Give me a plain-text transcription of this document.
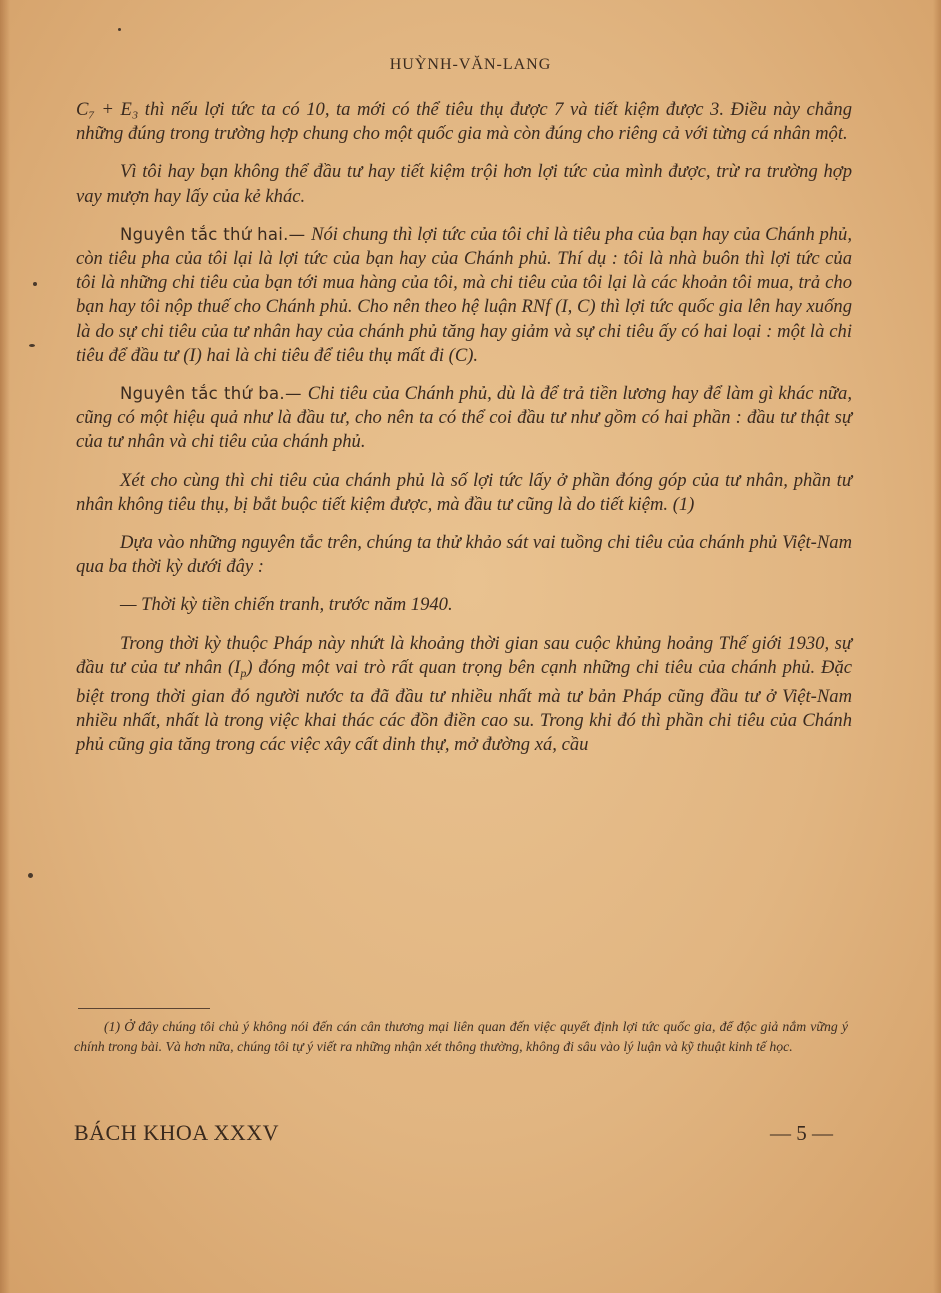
HUỲNH-VĂN-LANG

C₇ + E₃ thì nếu lợi tức ta có 10, ta mới có thể tiêu thụ được 7 và tiết kiệm được 3. Điều này chẳng những đúng trong trường hợp chung cho một quốc gia mà còn đúng cho riêng cả với từng cá nhân một.

Vì tôi hay bạn không thể đầu tư hay tiết kiệm trội hơn lợi tức của mình được, trừ ra trường hợp vay mượn hay lấy của kẻ khác.

Nguyên tắc thứ hai.— Nói chung thì lợi tức của tôi chỉ là tiêu pha của bạn hay của Chánh phủ, còn tiêu pha của tôi lại là lợi tức của bạn hay của Chánh phủ. Thí dụ : tôi là nhà buôn thì lợi tức của tôi là những chi tiêu của bạn tới mua hàng của tôi, mà chi tiêu của tôi lại là các khoản tôi mua, trả cho bạn hay tôi nộp thuế cho Chánh phủ. Cho nên theo hệ luận RNf (I, C) thì lợi tức quốc gia lên hay xuống là do sự chi tiêu của tư nhân hay của chánh phủ tăng hay giảm và sự chi tiêu ấy có hai loại : một là chi tiêu để đầu tư (I) hai là chi tiêu để tiêu thụ mất đi (C).

Nguyên tắc thứ ba.— Chi tiêu của Chánh phủ, dù là để trả tiền lương hay để làm gì khác nữa, cũng có một hiệu quả như là đầu tư, cho nên ta có thể coi đầu tư như gồm có hai phần : đầu tư thật sự của tư nhân và chi tiêu của chánh phủ.

Xét cho cùng thì chi tiêu của chánh phủ là số lợi tức lấy ở phần đóng góp của tư nhân, phần tư nhân không tiêu thụ, bị bắt buộc tiết kiệm được, mà đầu tư cũng là do tiết kiệm. (1)

Dựa vào những nguyên tắc trên, chúng ta thử khảo sát vai tuồng chi tiêu của chánh phủ Việt-Nam qua ba thời kỳ dưới đây :

— Thời kỳ tiền chiến tranh, trước năm 1940.

Trong thời kỳ thuộc Pháp này nhứt là khoảng thời gian sau cuộc khủng hoảng Thế giới 1930, sự đầu tư của tư nhân $(I_p)$ đóng một vai trò rất quan trọng bên cạnh những chi tiêu của chánh phủ. Đặc biệt trong thời gian đó người nước ta đã đầu tư nhiều nhất mà tư bản Pháp cũng đầu tư ở Việt-Nam nhiều nhất, nhất là trong việc khai thác các đồn điền cao su. Trong khi đó thì phần chi tiêu của Chánh phủ cũng gia tăng trong các việc xây cất dinh thự, mở đường xá, cầu

(1) Ở đây chúng tôi chủ ý không nói đến cán cân thương mại liên quan đến việc quyết định lợi tức quốc gia, để độc giả nắm vững ý chính trong bài. Và hơn nữa, chúng tôi tự ý viết ra những nhận xét thông thường, không đi sâu vào lý luận và kỹ thuật kinh tế học.
BÁCH KHOA XXXV	— 5 —
